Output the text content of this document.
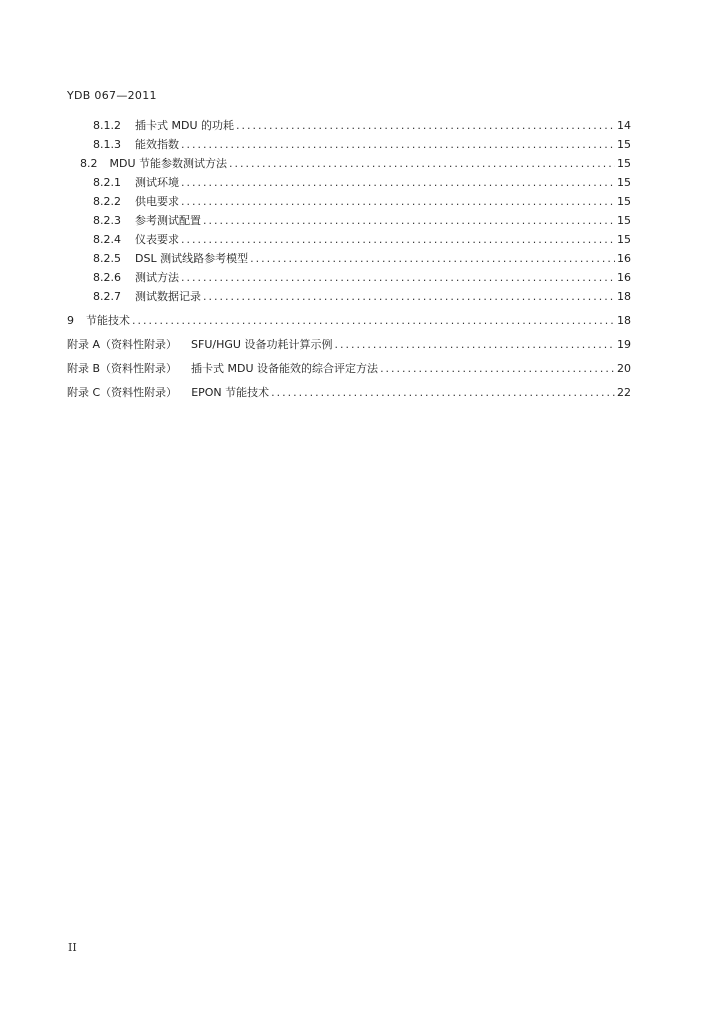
YDB 067—2011
8.1.2 插卡式 MDU 的功耗 .....	14
8.1.3 能效指数 .....	15
8.2 MDU 节能参数测试方法 .....	15
8.2.1 测试环境 .....	15
8.2.2 供电要求 .....	15
8.2.3 参考测试配置 .....	15
8.2.4 仪表要求 .....	15
8.2.5 DSL 测试线路参考模型 .....	16
8.2.6 测试方法 .....	16
8.2.7 测试数据记录 .....	18
9 节能技术 .....	18
附录 A（资料性附录） SFU/HGU 设备功耗计算示例 .....	19
附录 B（资料性附录） 插卡式 MDU 设备能效的综合评定方法 .....	20
附录 C（资料性附录） EPON 节能技术 .....	22
II
